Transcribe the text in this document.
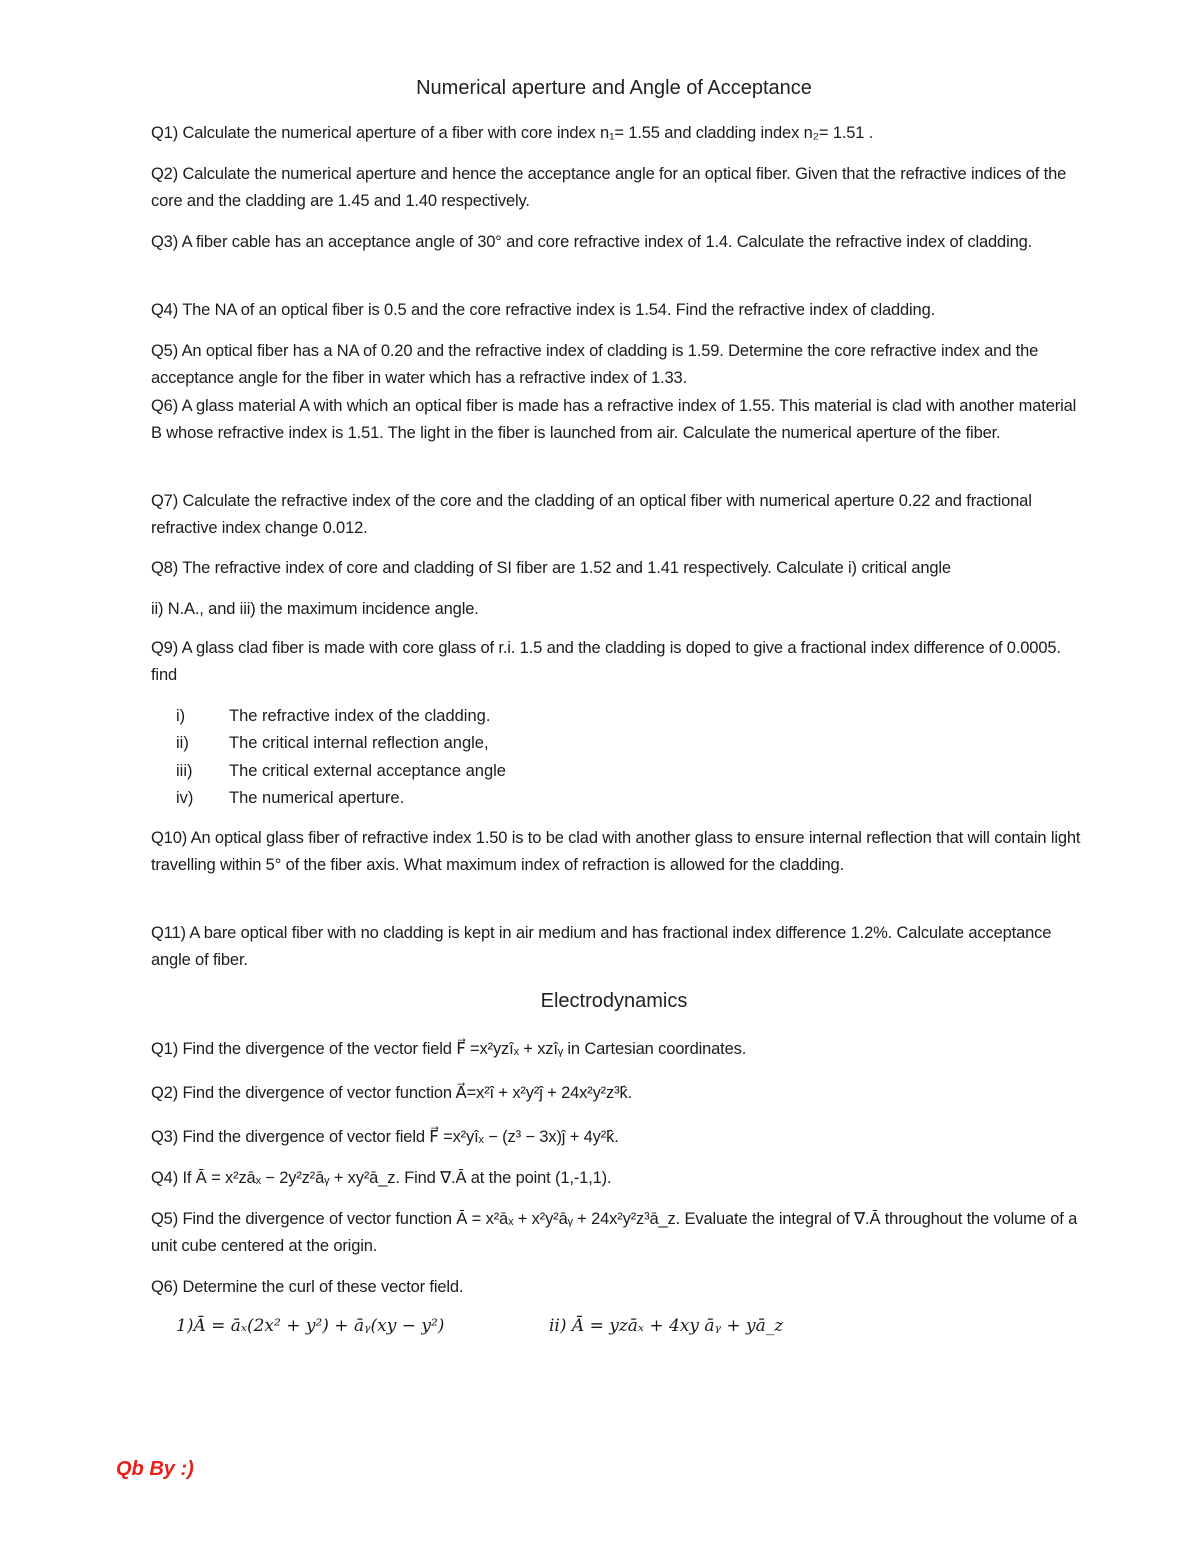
Numerical aperture and Angle of Acceptance
Q1) Calculate the numerical aperture of a fiber with core index n₁= 1.55 and cladding index n₂= 1.51 .
Q2) Calculate the numerical aperture and hence the acceptance angle for an optical fiber. Given that the refractive indices of the core and the cladding are 1.45 and 1.40 respectively.
Q3) A fiber cable has an acceptance angle of 30° and core refractive index of 1.4. Calculate the refractive index of cladding.
Q4) The NA of an optical fiber is 0.5 and the core refractive index is 1.54. Find the refractive index of cladding.
Q5) An optical fiber has a NA of 0.20 and the refractive index of cladding is 1.59. Determine the core refractive index and the acceptance angle for the fiber in water which has a refractive index of 1.33.
Q6) A glass material A with which an optical fiber is made has a refractive index of 1.55. This material is clad with another material B whose refractive index is 1.51. The light in the fiber is launched from air. Calculate the numerical aperture of the fiber.
Q7) Calculate the refractive index of the core and the cladding of an optical fiber with numerical aperture 0.22 and fractional refractive index change 0.012.
Q8) The refractive index of core and cladding of SI fiber are 1.52 and 1.41 respectively. Calculate i) critical angle
ii) N.A., and iii) the maximum incidence angle.
Q9) A glass clad fiber is made with core glass of r.i. 1.5 and the cladding is doped to give a fractional index difference of 0.0005. find
i)	The refractive index of the cladding.
ii)	The critical internal reflection angle,
iii)	The critical external acceptance angle
iv)	The numerical aperture.
Q10) An optical glass fiber of refractive index 1.50 is to be clad with another glass to ensure internal reflection that will contain light travelling within 5° of the fiber axis. What maximum index of refraction is allowed for the cladding.
Q11) A bare optical fiber with no cladding is kept in air medium and has fractional index difference 1.2%. Calculate acceptance angle of fiber.
Electrodynamics
Q1) Find the divergence of the vector field F⃗ =x²yzîₓ + xzîᵧ in Cartesian coordinates.
Q2) Find the divergence of vector function A⃗=x²î + x²y²ĵ + 24x²y²z³k̂.
Q3) Find the divergence of vector field F⃗ =x²yîₓ − (z³ − 3x)ĵ + 4y²k̂.
Q4) If Ā = x²zāₓ − 2y²z²āᵧ + xy²ā_z. Find ∇.Ā at the point (1,-1,1).
Q5) Find the divergence of vector function Ā = x²āₓ + x²y²āᵧ + 24x²y²z³ā_z. Evaluate the integral of ∇.Ā throughout the volume of a unit cube centered at the origin.
Q6) Determine the curl of these vector field.
1)Ā = āₓ(2x² + y²) + āᵧ(xy − y²)	ii) Ā = yzāₓ + 4xy āᵧ + yā_z
Qb By :)
